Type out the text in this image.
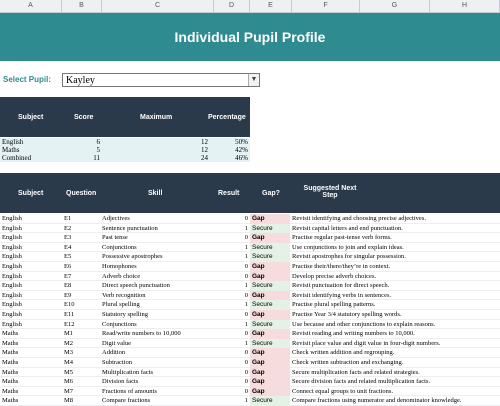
A	B	C	D	E	F	G	H
Individual Pupil Profile
Select Pupil: Kayley	▼
Subject	Score	Maximum	Percentage
English	6	12	50%
Maths	5	12	42%
Combined	11	24	46%
Subject	Question	Skill	Result	Gap?
Suggested Next
Step
English	E1	Adjectives	0 Gap	Revisit identifying and choosing precise adjectives.
English	E2	Sentence punctuation	1 Secure	Revisit capital letters and end punctuation.
English	E3	Past tense	0 Gap	Practise regular past-tense verb forms.
English	E4	Conjunctions	1 Secure	Use conjunctions to join and explain ideas.
English	E5	Possessive apostrophes	1 Secure	Revisit apostrophes for singular possession.
English	E6	Homophones	0 Gap	Practise their/there/they’re in context.
English	E7	Adverb choice	0 Gap	Develop precise adverb choices.
English	E8	Direct speech punctuation	1 Secure	Revisit punctuation for direct speech.
English	E9	Verb recognition	0 Gap	Revisit identifying verbs in sentences.
English	E10	Plural spelling	1 Secure	Practise plural spelling patterns.
English	E11	Statutory spelling	0 Gap	Practise Year 3/4 statutory spelling words.
English	E12	Conjunctions	1 Secure	Use because and other conjunctions to explain reasons.
Maths	M1	Read/write numbers to 10,000	0 Gap	Revisit reading and writing numbers to 10,000.
Maths	M2	Digit value	1 Secure	Revisit place value and digit value in four-digit numbers.
Maths	M3	Addition	0 Gap	Check written addition and regrouping.
Maths	M4	Subtraction	0 Gap	Check written subtraction and exchanging.
Maths	M5	Multiplication facts	0 Gap	Secure multiplication facts and related strategies.
Maths	M6	Division facts	0 Gap	Secure division facts and related multiplication facts.
Maths	M7	Fractions of amounts	0 Gap	Connect equal groups to unit fractions.
Maths	M8	Compare fractions	1 Secure	Compare fractions using numerator and denominator knowledge.
